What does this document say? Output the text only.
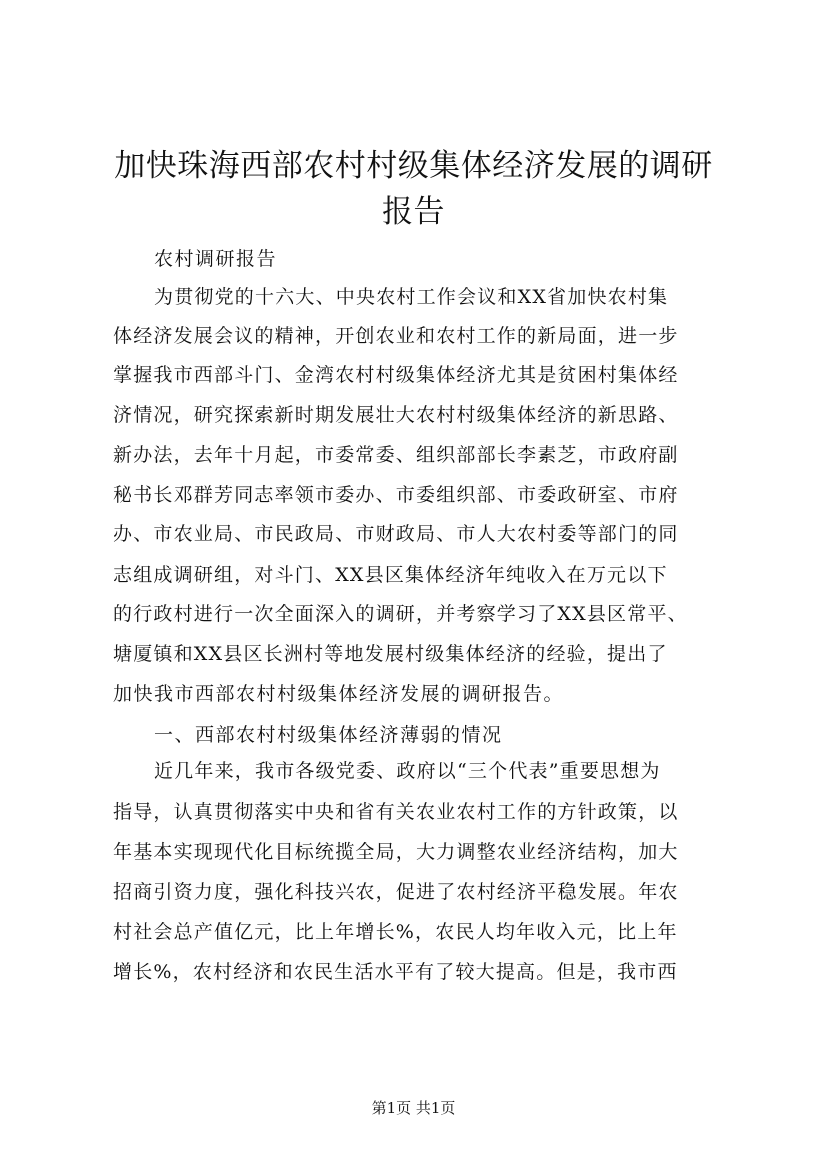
加快珠海西部农村村级集体经济发展的调研报告

农村调研报告

为贯彻党的十六大、中央农村工作会议和XX省加快农村集

体经济发展会议的精神，开创农业和农村工作的新局面，进一步

掌握我市西部斗门、金湾农村村级集体经济尤其是贫困村集体经

济情况，研究探索新时期发展壮大农村村级集体经济的新思路、

新办法，去年十月起，市委常委、组织部部长李素芝，市政府副

秘书长邓群芳同志率领市委办、市委组织部、市委政研室、市府

办、市农业局、市民政局、市财政局、市人大农村委等部门的同

志组成调研组，对斗门、XX县区集体经济年纯收入在万元以下

的行政村进行一次全面深入的调研，并考察学习了XX县区常平、

塘厦镇和XX县区长洲村等地发展村级集体经济的经验，提出了

加快我市西部农村村级集体经济发展的调研报告。

一、西部农村村级集体经济薄弱的情况

近几年来，我市各级党委、政府以“三个代表”重要思想为

指导，认真贯彻落实中央和省有关农业农村工作的方针政策，以

年基本实现现代化目标统揽全局，大力调整农业经济结构，加大

招商引资力度，强化科技兴农，促进了农村经济平稳发展。年农

村社会总产值亿元，比上年增长%，农民人均年收入元，比上年

增长%，农村经济和农民生活水平有了较大提高。但是，我市西

第1页 共1页
